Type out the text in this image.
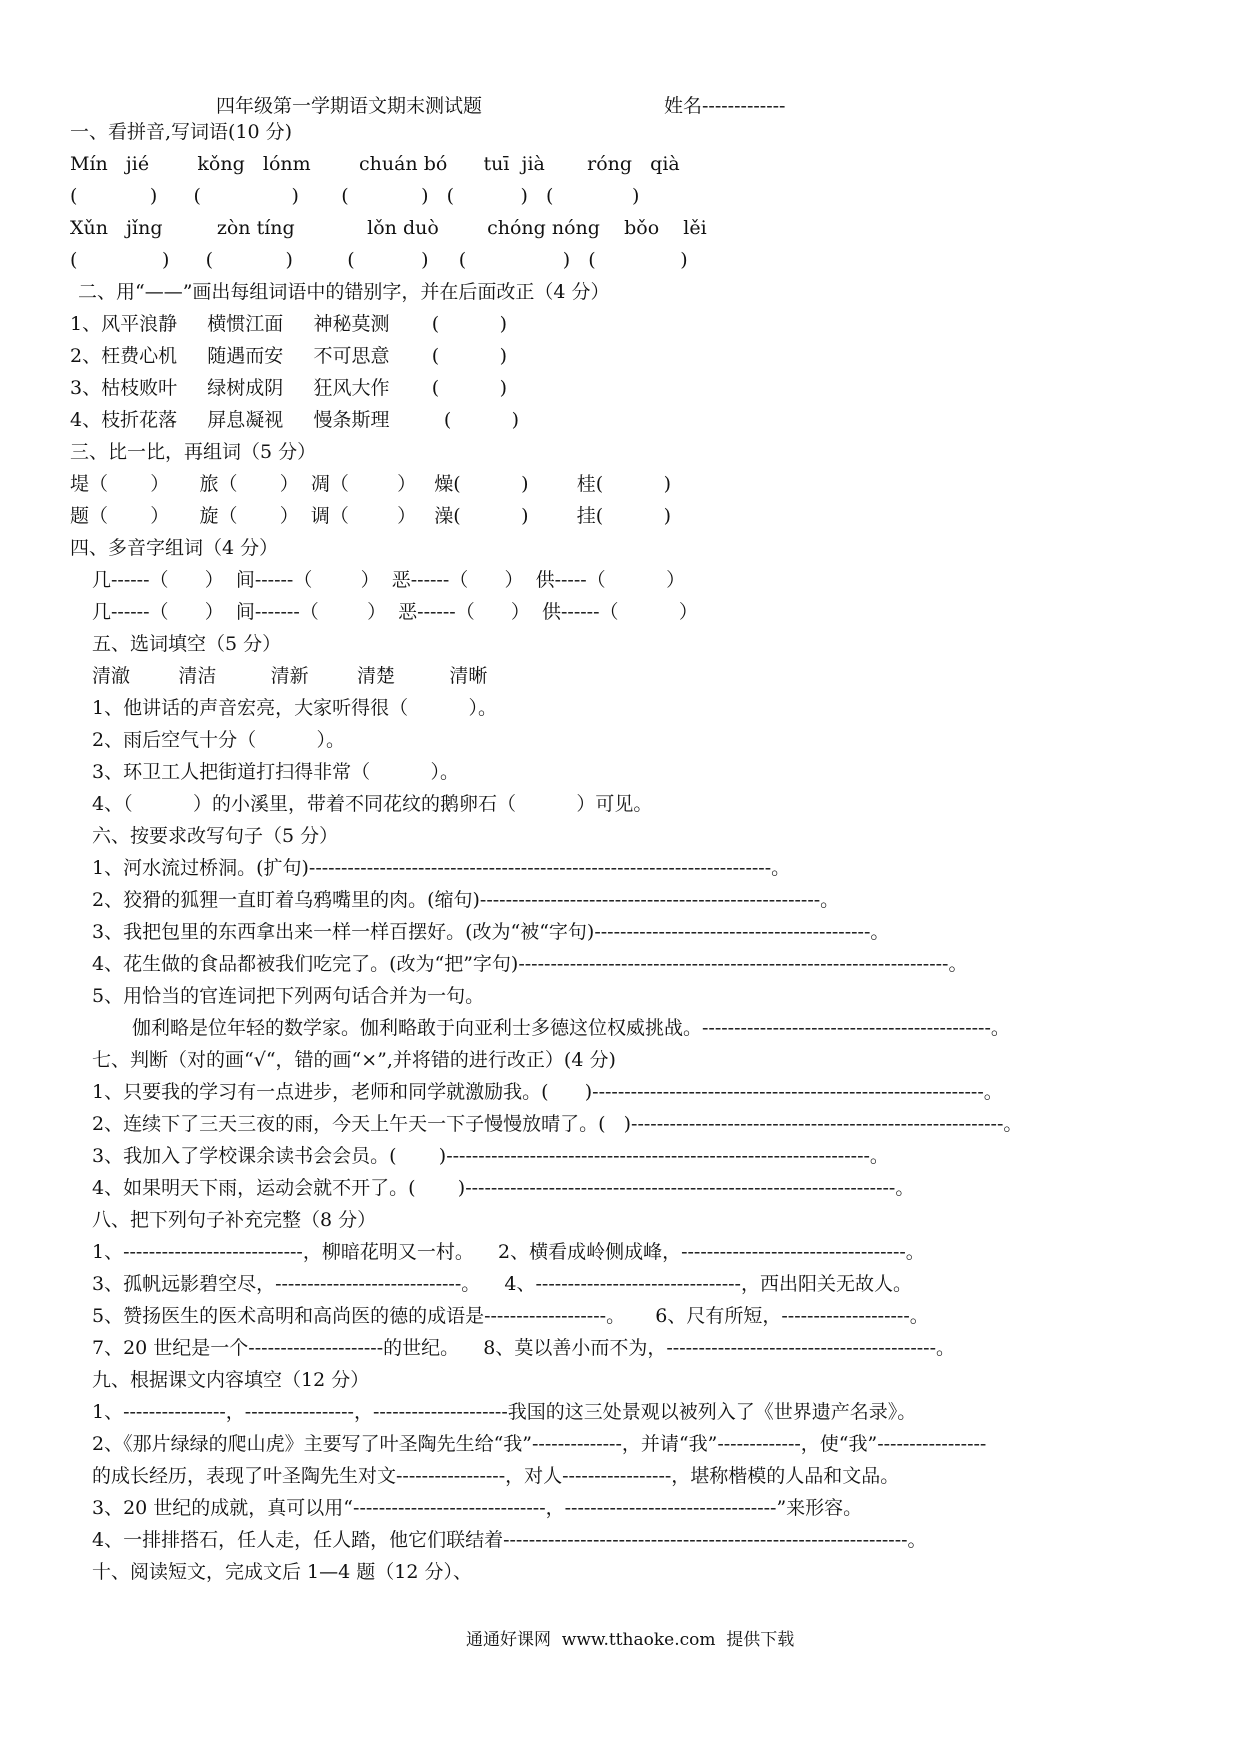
四年级第一学期语文期末测试题	姓名-------------
一、看拼音,写词语(10 分)
Mín   jié        kǒng   lónm        chuán bó      tuī  jià       róng   qià
(            )      (               )       (            )   (           )   (             )
Xǔn   jǐng         zòn tíng            lǒn duò        chóng nóng    bǒo    lěi
(              )      (            )         (           )     (                )   (              )
二、用“——”画出每组词语中的错别字，并在后面改正（4 分）
1、风平浪静     横惯江面     神秘莫测       (          )
2、枉费心机     随遇而安     不可思意       (          )
3、枯枝败叶     绿树成阴     狂风大作       (          )
4、枝折花落     屏息凝视     慢条斯理         (          )
三、比一比，再组词（5 分）
堤（       ）     旅（       ）  凋（        ）   燥(          )        桂(          )
题（       ）     旋（       ）  调（        ）   澡(          )        挂(          )
四、多音字组词（4 分）
几------（      ）  间------（        ）  恶------（      ）  供-----（          ）
几------（      ）  间-------（        ）  恶------（      ）  供------（          ）
五、选词填空（5 分）
清澈        清洁         清新        清楚         清晰
1、他讲话的声音宏亮，大家听得很（          ）。
2、雨后空气十分（          ）。
3、环卫工人把街道打扫得非常（          ）。
4、（          ）的小溪里，带着不同花纹的鹅卵石（          ）可见。
六、按要求改写句子（5 分）
1、河水流过桥洞。(扩句)------------------------------------------------------------------------。
2、狡猾的狐狸一直盯着乌鸦嘴里的肉。(缩句)-----------------------------------------------------。
3、我把包里的东西拿出来一样一样百摆好。(改为“被“字句)-------------------------------------------。
4、花生做的食品都被我们吃完了。(改为“把”字句)-------------------------------------------------------------------。
5、用恰当的官连词把下列两句话合并为一句。
伽利略是位年轻的数学家。伽利略敢于向亚利士多德这位权威挑战。---------------------------------------------。
七、判断（对的画“√“，错的画“×”,并将错的进行改正）(4 分)
1、只要我的学习有一点进步，老师和同学就激励我。(      )-------------------------------------------------------------。
2、连续下了三天三夜的雨，今天上午天一下子慢慢放晴了。(   )----------------------------------------------------------。
3、我加入了学校课余读书会会员。(       )------------------------------------------------------------------。
4、如果明天下雨，运动会就不开了。(       )-------------------------------------------------------------------。
八、把下列句子补充完整（8 分）
1、----------------------------，柳暗花明又一村。    2、横看成岭侧成峰，-----------------------------------。
3、孤帆远影碧空尽，-----------------------------。    4、--------------------------------，西出阳关无故人。
5、赞扬医生的医术高明和高尚医的德的成语是-------------------。     6、尺有所短，--------------------。
7、20 世纪是一个---------------------的世纪。    8、莫以善小而不为，------------------------------------------。
九、根据课文内容填空（12 分）
1、----------------，-----------------，---------------------我国的这三处景观以被列入了《世界遗产名录》。
2、《那片绿绿的爬山虎》主要写了叶圣陶先生给“我”--------------，并请“我”-------------，使“我”-----------------
的成长经历，表现了叶圣陶先生对文-----------------，对人-----------------，堪称楷模的人品和文品。
3、20 世纪的成就，真可以用“------------------------------，---------------------------------”来形容。
4、一排排搭石，任人走，任人踏，他它们联结着---------------------------------------------------------------。
十、阅读短文，完成文后 1—4 题（12 分）、
通通好课网  www.tthaoke.com  提供下载
